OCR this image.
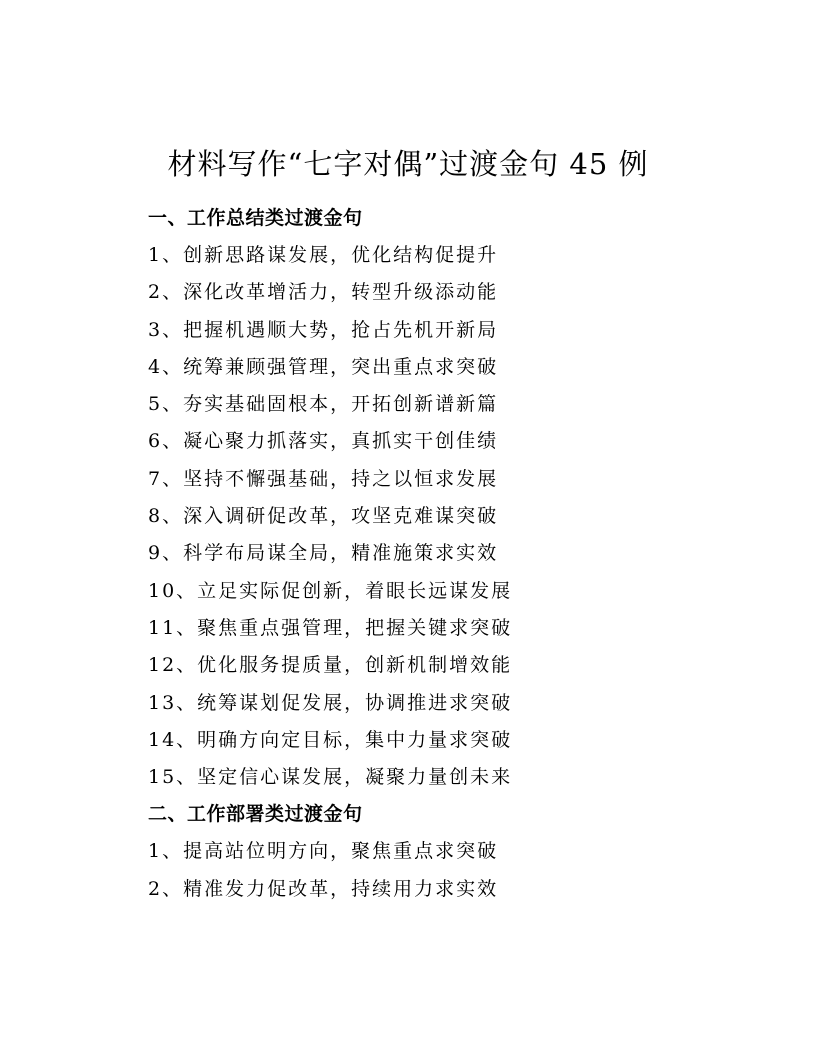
材料写作“七字对偶”过渡金句 45 例
一、工作总结类过渡金句
1、创新思路谋发展，优化结构促提升
2、深化改革增活力，转型升级添动能
3、把握机遇顺大势，抢占先机开新局
4、统筹兼顾强管理，突出重点求突破
5、夯实基础固根本，开拓创新谱新篇
6、凝心聚力抓落实，真抓实干创佳绩
7、坚持不懈强基础，持之以恒求发展
8、深入调研促改革，攻坚克难谋突破
9、科学布局谋全局，精准施策求实效
10、立足实际促创新，着眼长远谋发展
11、聚焦重点强管理，把握关键求突破
12、优化服务提质量，创新机制增效能
13、统筹谋划促发展，协调推进求突破
14、明确方向定目标，集中力量求突破
15、坚定信心谋发展，凝聚力量创未来
二、工作部署类过渡金句
1、提高站位明方向，聚焦重点求突破
2、精准发力促改革，持续用力求实效
